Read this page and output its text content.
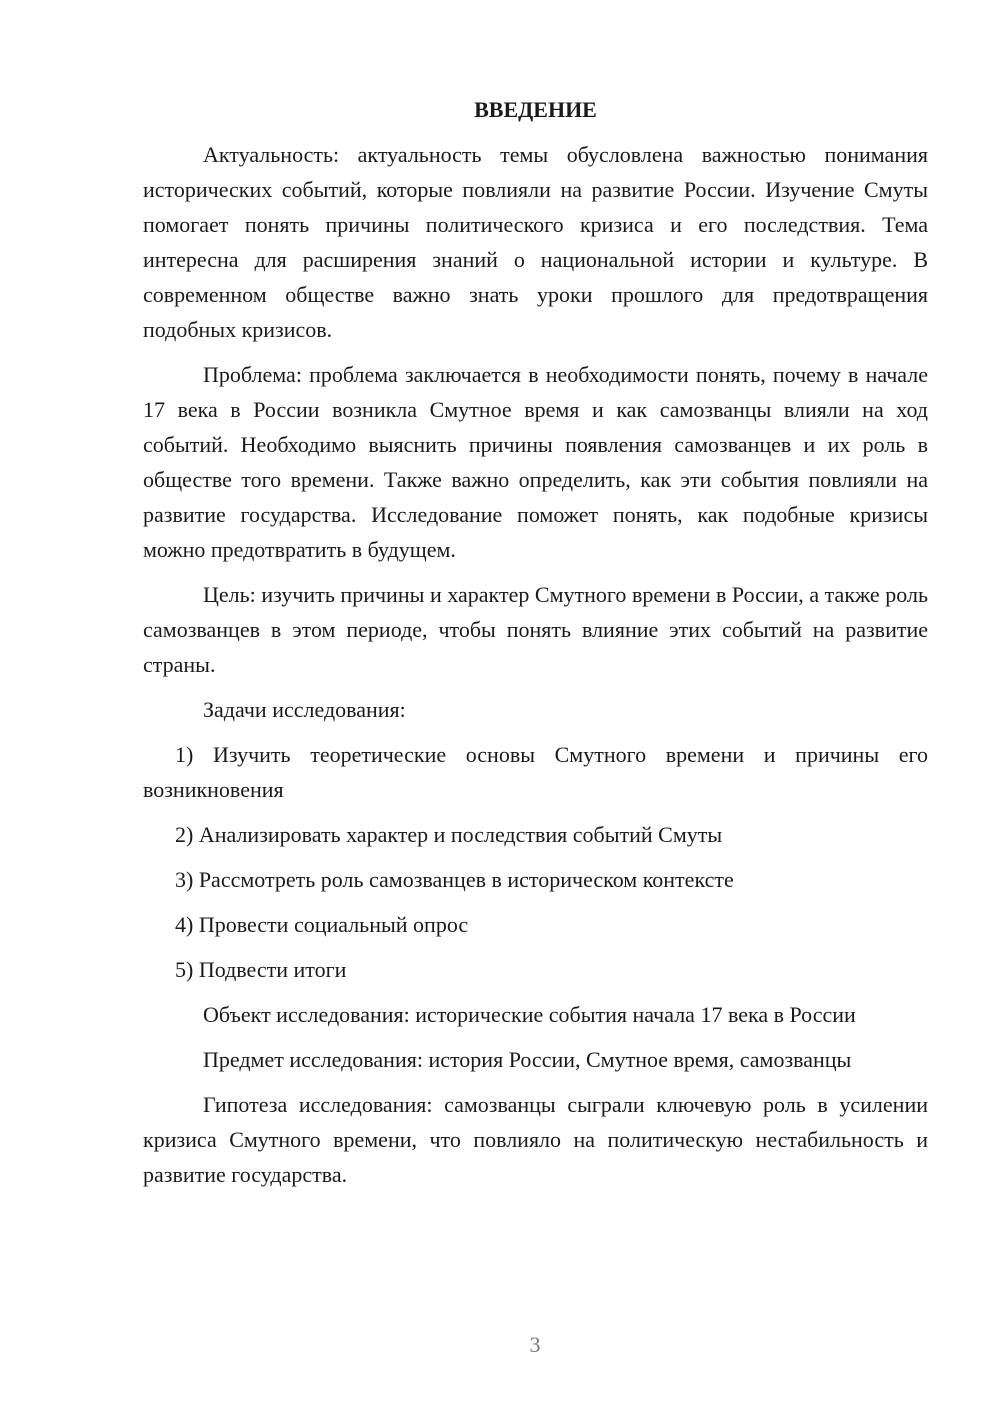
ВВЕДЕНИЕ

Актуальность: актуальность темы обусловлена важностью понимания исторических событий, которые повлияли на развитие России. Изучение Смуты помогает понять причины политического кризиса и его последствия. Тема интересна для расширения знаний о национальной истории и культуре. В современном обществе важно знать уроки прошлого для предотвращения подобных кризисов.

Проблема: проблема заключается в необходимости понять, почему в начале 17 века в России возникла Смутное время и как самозванцы влияли на ход событий. Необходимо выяснить причины появления самозванцев и их роль в обществе того времени. Также важно определить, как эти события повлияли на развитие государства. Исследование поможет понять, как подобные кризисы можно предотвратить в будущем.

Цель: изучить причины и характер Смутного времени в России, а также роль самозванцев в этом периоде, чтобы понять влияние этих событий на развитие страны.

Задачи исследования:

1) Изучить теоретические основы Смутного времени и причины его возникновения

2) Анализировать характер и последствия событий Смуты

3) Рассмотреть роль самозванцев в историческом контексте

4) Провести социальный опрос

5) Подвести итоги

Объект исследования: исторические события начала 17 века в России

Предмет исследования: история России, Смутное время, самозванцы

Гипотеза исследования: самозванцы сыграли ключевую роль в усилении кризиса Смутного времени, что повлияло на политическую нестабильность и развитие государства.

3
